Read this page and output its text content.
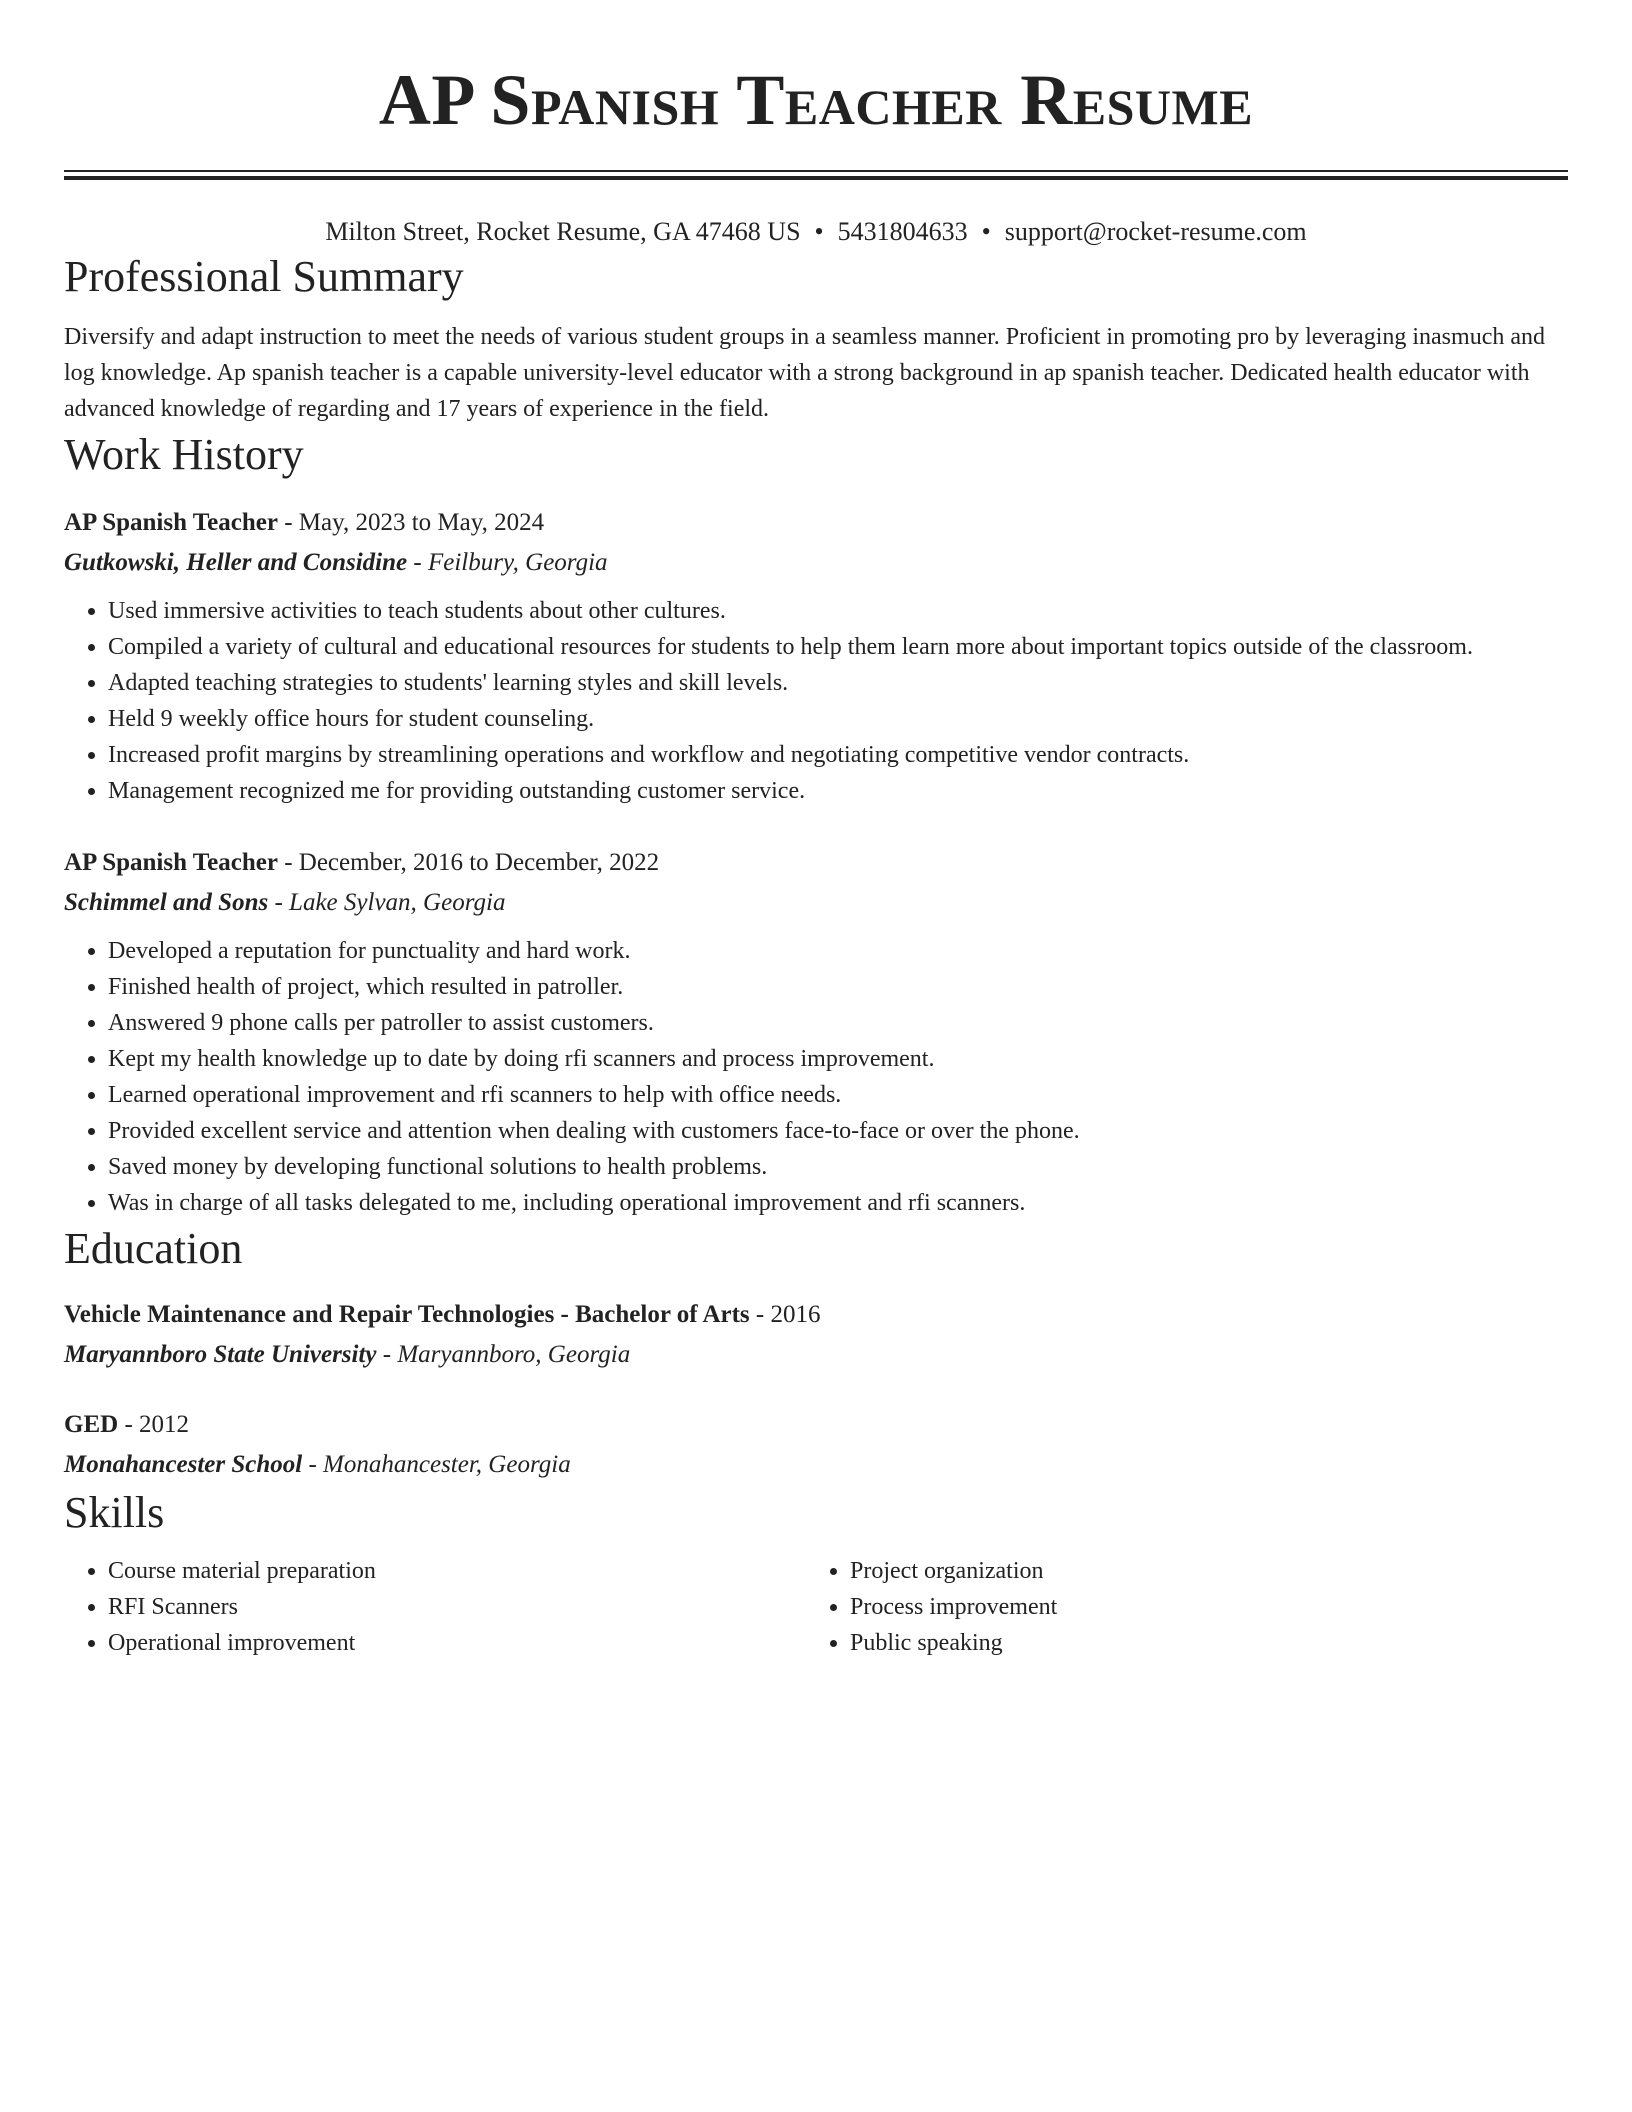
AP Spanish Teacher Resume
Milton Street, Rocket Resume, GA 47468 US • 5431804633 • support@rocket-resume.com
Professional Summary
Diversify and adapt instruction to meet the needs of various student groups in a seamless manner. Proficient in promoting pro by leveraging inasmuch and log knowledge. Ap spanish teacher is a capable university-level educator with a strong background in ap spanish teacher. Dedicated health educator with advanced knowledge of regarding and 17 years of experience in the field.
Work History
AP Spanish Teacher - May, 2023 to May, 2024
Gutkowski, Heller and Considine - Feilbury, Georgia
• Used immersive activities to teach students about other cultures.
• Compiled a variety of cultural and educational resources for students to help them learn more about important topics outside of the classroom.
• Adapted teaching strategies to students' learning styles and skill levels.
• Held 9 weekly office hours for student counseling.
• Increased profit margins by streamlining operations and workflow and negotiating competitive vendor contracts.
• Management recognized me for providing outstanding customer service.
AP Spanish Teacher - December, 2016 to December, 2022
Schimmel and Sons - Lake Sylvan, Georgia
• Developed a reputation for punctuality and hard work.
• Finished health of project, which resulted in patroller.
• Answered 9 phone calls per patroller to assist customers.
• Kept my health knowledge up to date by doing rfi scanners and process improvement.
• Learned operational improvement and rfi scanners to help with office needs.
• Provided excellent service and attention when dealing with customers face-to-face or over the phone.
• Saved money by developing functional solutions to health problems.
• Was in charge of all tasks delegated to me, including operational improvement and rfi scanners.
Education
Vehicle Maintenance and Repair Technologies - Bachelor of Arts - 2016
Maryannboro State University - Maryannboro, Georgia
GED - 2012
Monahancester School - Monahancester, Georgia
Skills
• Course material preparation
• RFI Scanners
• Operational improvement
• Project organization
• Process improvement
• Public speaking
